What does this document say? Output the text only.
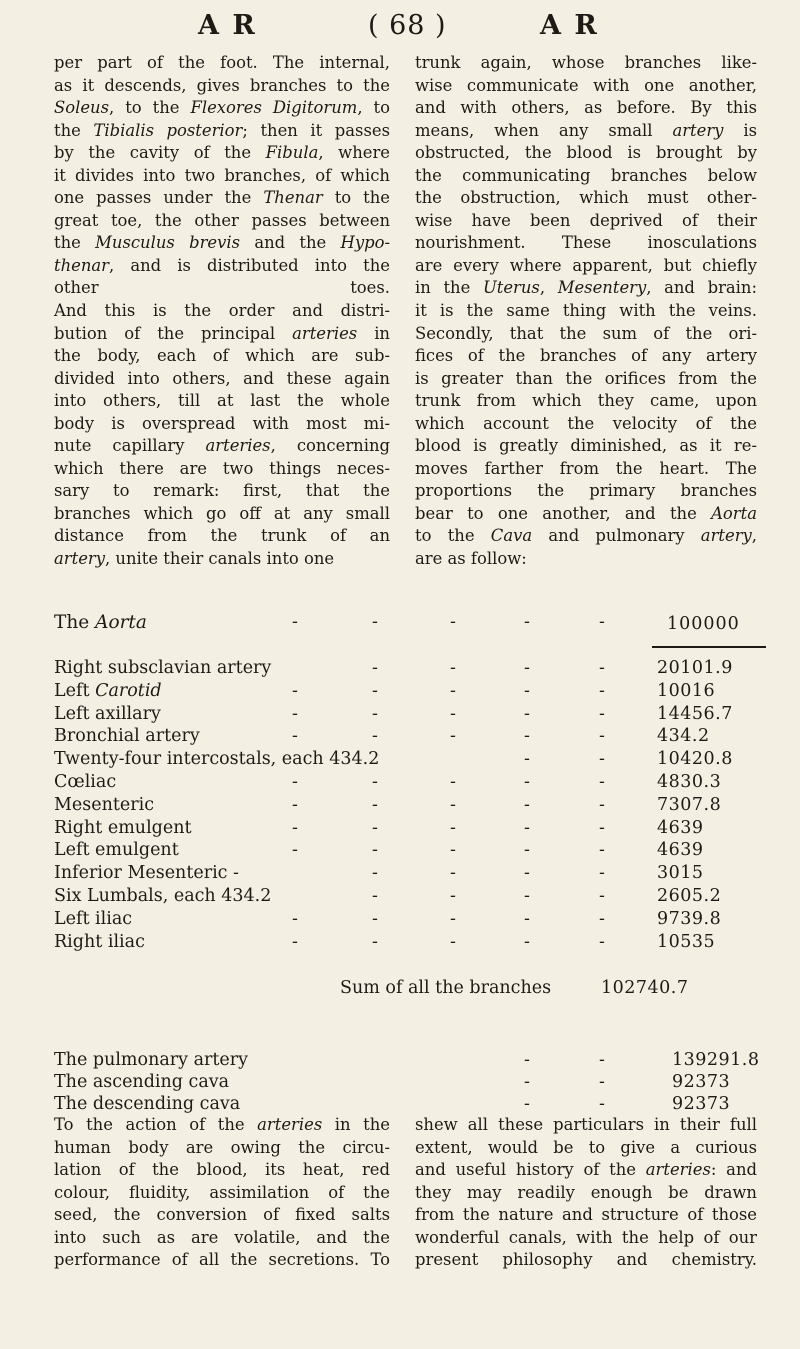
A R	( 68 )	A R

per part of the foot. The internal,

as it descends, gives branches to the

Soleus, to the Flexores Digitorum, to

the Tibialis posterior; then it passes

by the cavity of the Fibula, where

it divides into two branches, of which

one passes under the Thenar to the

great toe, the other passes between

the Musculus brevis and the Hypo-

thenar, and is distributed into the

other toes.

And this is the order and distri-

bution of the principal arteries in

the body, each of which are sub-

divided into others, and these again

into others, till at last the whole

body is overspread with most mi-

nute capillary arteries, concerning

which there are two things neces-

sary to remark: first, that the

branches which go off at any small

distance from the trunk of an

artery, unite their canals into one

trunk again, whose branches like-

wise communicate with one another,

and with others, as before. By this

means, when any small artery is

obstructed, the blood is brought by

the communicating branches below

the obstruction, which must other-

wise have been deprived of their

nourishment. These inosculations

are every where apparent, but chiefly

in the Uterus, Mesentery, and brain:

it is the same thing with the veins.

Secondly, that the sum of the ori-

fices of the branches of any artery

is greater than the orifices from the

trunk from which they came, upon

which account the velocity of the

blood is greatly diminished, as it re-

moves farther from the heart. The

proportions the primary branches

bear to one another, and the Aorta

to the Cava and pulmonary artery,

are as follow:

The Aorta	-	-	-	-	-	100000
Right subsclavian artery	-	-	-	-	20101.9
Left Carotid	-	-	-	-	-	10016
Left axillary	-	-	-	-	-	14456.7
Bronchial artery	-	-	-	-	-	434.2
Twenty-four intercostals, each 434.2	-	-	10420.8
Cœliac	-	-	-	-	-	4830.3
Mesenteric	-	-	-	-	-	7307.8
Right emulgent	-	-	-	-	-	4639
Left emulgent	-	-	-	-	-	4639
Inferior Mesenteric -	-	-	-	-	3015
Six Lumbals, each 434.2	-	-	-	-	2605.2
Left iliac	-	-	-	-	-	9739.8
Right iliac	-	-	-	-	-	10535
Sum of all the branches	102740.7
The pulmonary artery	-	-	139291.8
The ascending cava	-	-	92373
The descending cava	-	-	92373

To the action of the arteries in the

human body are owing the circu-

lation of the blood, its heat, red

colour, fluidity, assimilation of the

seed, the conversion of fixed salts

into such as are volatile, and the

performance of all the secretions. To

shew all these particulars in their full

extent, would be to give a curious

and useful history of the arteries: and

they may readily enough be drawn

from the nature and structure of those

wonderful canals, with the help of our

present philosophy and chemistry.
